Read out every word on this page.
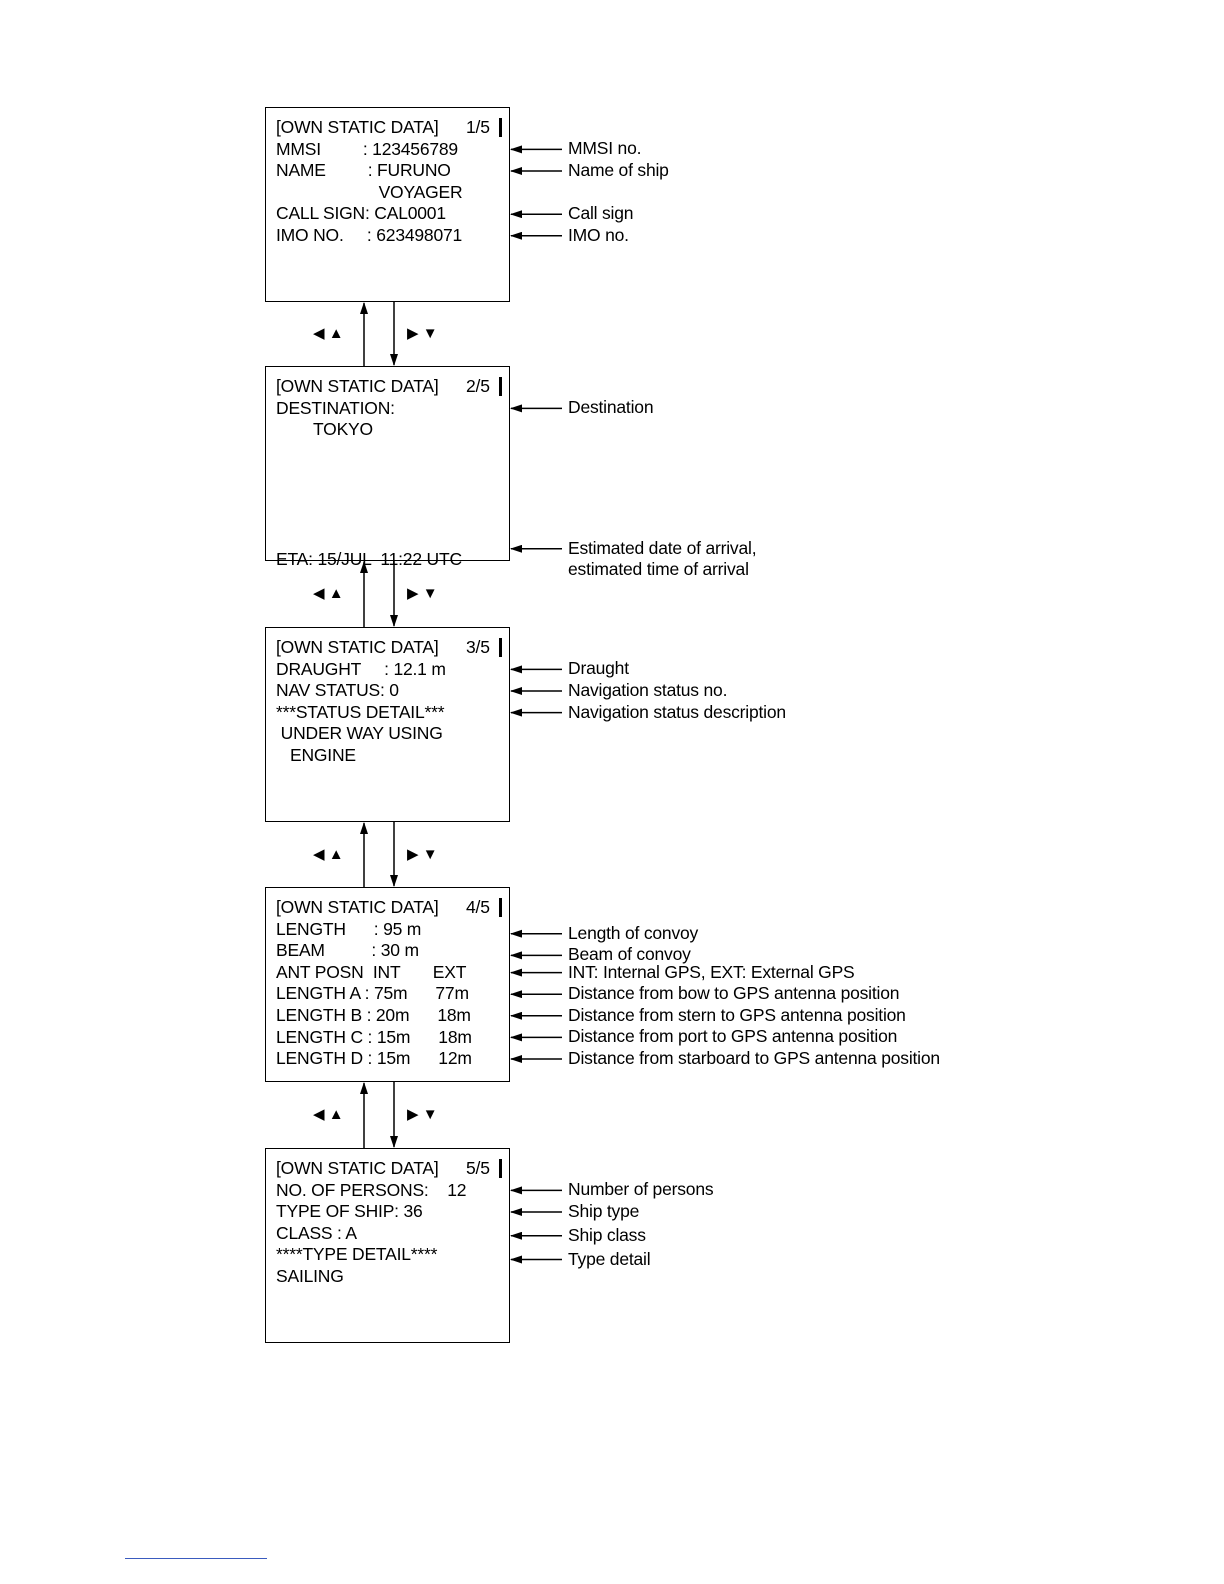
[OWN STATIC DATA] 1/5
MMSI         : 123456789
NAME         : FURUNO
VOYAGER
CALL SIGN: CAL0001
IMO NO.     : 623498071
MMSI no.
Name of ship
Call sign
IMO no.
[OWN STATIC DATA] 2/5
DESTINATION:
TOKYO
ETA: 15/JUL  11:22 UTC
Destination
Estimated date of arrival,
estimated time of arrival
[OWN STATIC DATA] 3/5
DRAUGHT     : 12.1 m
NAV STATUS: 0
***STATUS DETAIL***
UNDER WAY USING
ENGINE
Draught
Navigation status no.
Navigation status description
[OWN STATIC DATA] 4/5
LENGTH      : 95 m
BEAM          : 30 m
ANT POSN  INT       EXT
LENGTH A : 75m      77m
LENGTH B : 20m      18m
LENGTH C : 15m      18m
LENGTH D : 15m      12m
Length of convoy
Beam of convoy
INT: Internal GPS, EXT: External GPS
Distance from bow to GPS antenna position
Distance from stern to GPS antenna position
Distance from port to GPS antenna position
Distance from starboard to GPS antenna position
[OWN STATIC DATA] 5/5
NO. OF PERSONS:    12
TYPE OF SHIP: 36
CLASS : A
****TYPE DETAIL****
SAILING
Number of persons
Ship type
Ship class
Type detail
◀ ▲	▶ ▼
◀ ▲	▶ ▼
◀ ▲	▶ ▼
◀ ▲	▶ ▼
